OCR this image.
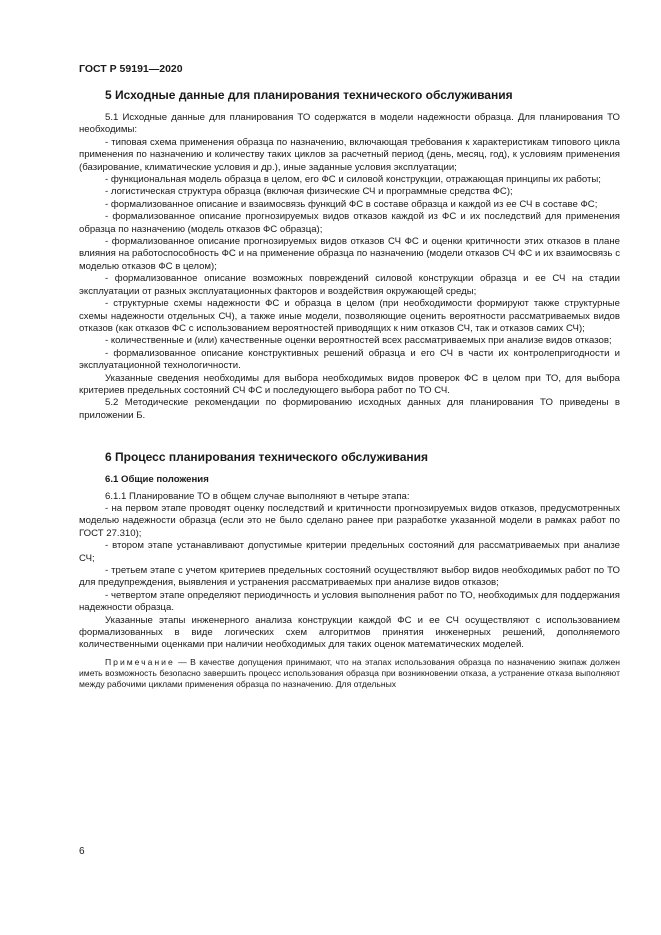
ГОСТ Р 59191—2020
5 Исходные данные для планирования технического обслуживания

5.1 Исходные данные для планирования ТО содержатся в модели надежности образца. Для планирования ТО необходимы:

- типовая схема применения образца по назначению, включающая требования к характеристикам типового цикла применения по назначению и количеству таких циклов за расчетный период (день, месяц, год), к условиям применения (базирование, климатические условия и др.), иные заданные условия эксплуатации;

- функциональная модель образца в целом, его ФС и силовой конструкции, отражающая принципы их работы;

- логистическая структура образца (включая физические СЧ и программные средства ФС);

- формализованное описание и взаимосвязь функций ФС в составе образца и каждой из ее СЧ в составе ФС;

- формализованное описание прогнозируемых видов отказов каждой из ФС и их последствий для применения образца по назначению (модель отказов ФС образца);

- формализованное описание прогнозируемых видов отказов СЧ ФС и оценки критичности этих отказов в плане влияния на работоспособность ФС и на применение образца по назначению (модели отказов СЧ ФС и их взаимосвязь с моделью отказов ФС в целом);

- формализованное описание возможных повреждений силовой конструкции образца и ее СЧ на стадии эксплуатации от разных эксплуатационных факторов и воздействия окружающей среды;

- структурные схемы надежности ФС и образца в целом (при необходимости формируют также структурные схемы надежности отдельных СЧ), а также иные модели, позволяющие оценить вероятности рассматриваемых видов отказов (как отказов ФС с использованием вероятностей приводящих к ним отказов СЧ, так и отказов самих СЧ);

- количественные и (или) качественные оценки вероятностей всех рассматриваемых при анализе видов отказов;

- формализованное описание конструктивных решений образца и его СЧ в части их контролепригодности и эксплуатационной технологичности.

Указанные сведения необходимы для выбора необходимых видов проверок ФС в целом при ТО, для выбора критериев предельных состояний СЧ ФС и последующего выбора работ по ТО СЧ.

5.2 Методические рекомендации по формированию исходных данных для планирования ТО приведены в приложении Б.

6 Процесс планирования технического обслуживания
6.1 Общие положения

6.1.1 Планирование ТО в общем случае выполняют в четыре этапа:

- на первом этапе проводят оценку последствий и критичности прогнозируемых видов отказов, предусмотренных моделью надежности образца (если это не было сделано ранее при разработке указанной модели в рамках работ по ГОСТ 27.310);

- втором этапе устанавливают допустимые критерии предельных состояний для рассматриваемых при анализе СЧ;

- третьем этапе с учетом критериев предельных состояний осуществляют выбор видов необходимых работ по ТО для предупреждения, выявления и устранения рассматриваемых при анализе видов отказов;

- четвертом этапе определяют периодичность и условия выполнения работ по ТО, необходимых для поддержания надежности образца.

Указанные этапы инженерного анализа конструкции каждой ФС и ее СЧ осуществляют с использованием формализованных в виде логических схем алгоритмов принятия инженерных решений, дополняемого количественными оценками при наличии необходимых для таких оценок математических моделей.

Примечание — В качестве допущения принимают, что на этапах использования образца по назначению экипаж должен иметь возможность безопасно завершить процесс использования образца при возникновении отказа, а устранение отказа выполняют между рабочими циклами применения образца по назначению. Для отдельных
6
